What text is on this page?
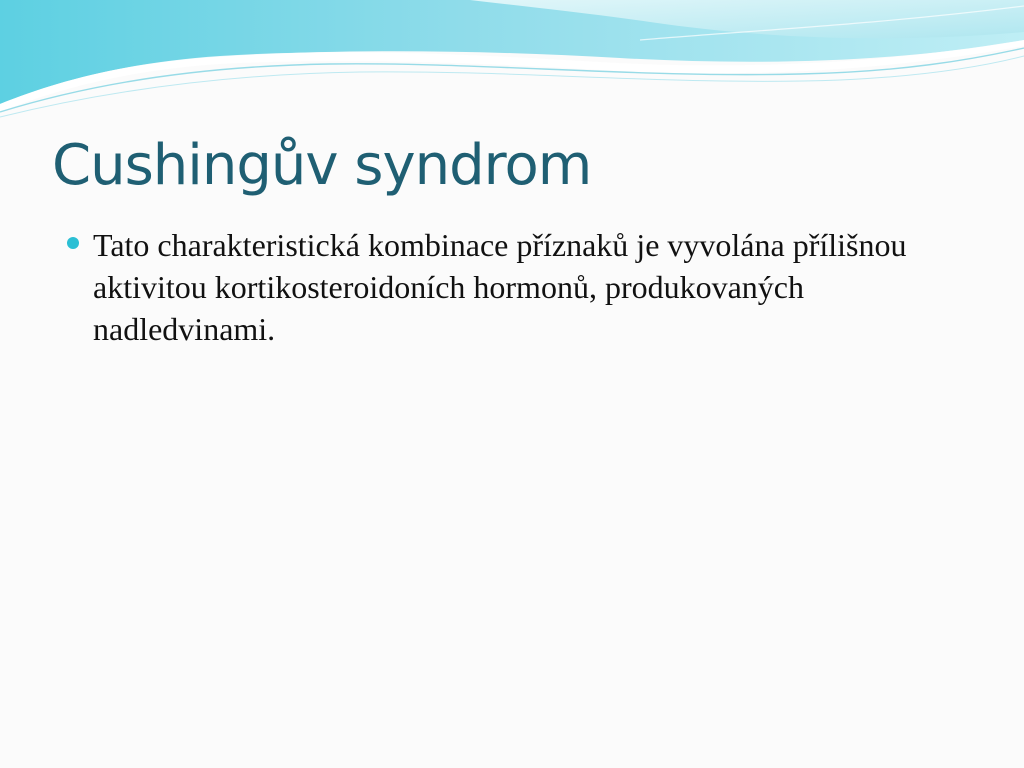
Cushingův syndrom
Tato charakteristická kombinace příznaků je vyvolána přílišnou aktivitou kortikosteroidoních hormonů, produkovaných nadledvinami.
